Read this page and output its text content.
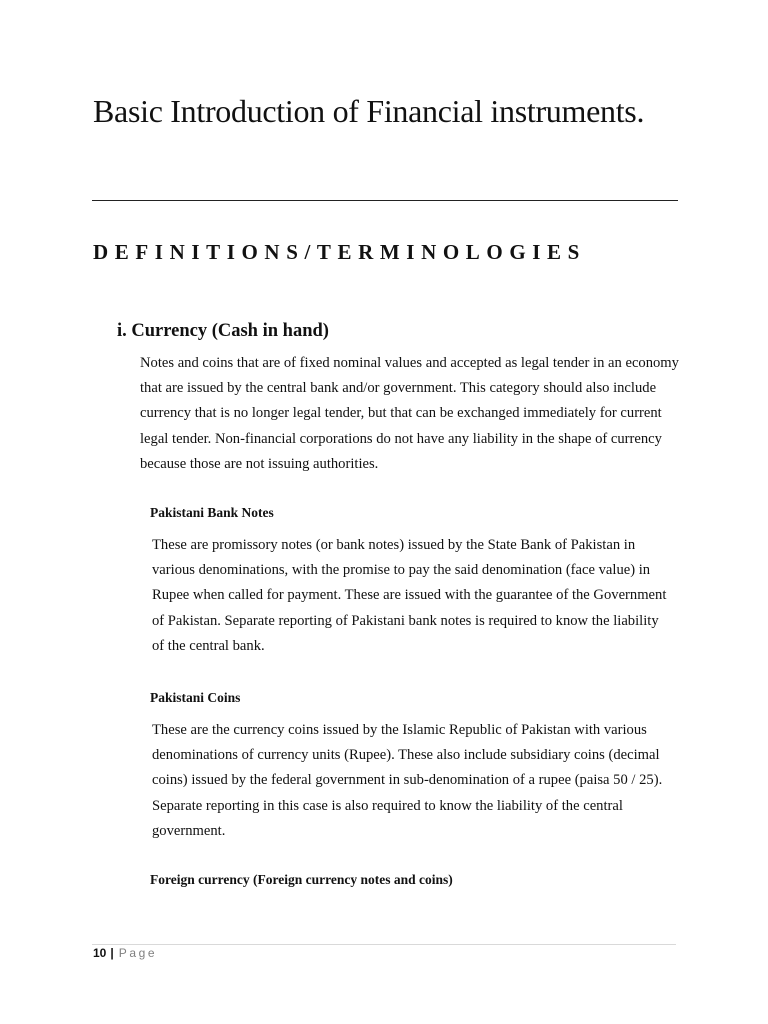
Basic Introduction of Financial instruments.
DEFINITIONS/TERMINOLOGIES
i. Currency (Cash in hand)

Notes and coins that are of fixed nominal values and accepted as legal tender in an economy that are issued by the central bank and/or government. This category should also include currency that is no longer legal tender, but that can be exchanged immediately for current legal tender. Non-financial corporations do not have any liability in the shape of currency because those are not issuing authorities.

Pakistani Bank Notes

These are promissory notes (or bank notes) issued by the State Bank of Pakistan in various denominations, with the promise to pay the said denomination (face value) in Rupee when called for payment. These are issued with the guarantee of the Government of Pakistan. Separate reporting of Pakistani bank notes is required to know the liability of the central bank.

Pakistani Coins

These are the currency coins issued by the Islamic Republic of Pakistan with various denominations of currency units (Rupee). These also include subsidiary coins (decimal coins) issued by the federal government in sub-denomination of a rupee (paisa 50 / 25). Separate reporting in this case is also required to know the liability of the central government.

Foreign currency (Foreign currency notes and coins)
10 | Page
